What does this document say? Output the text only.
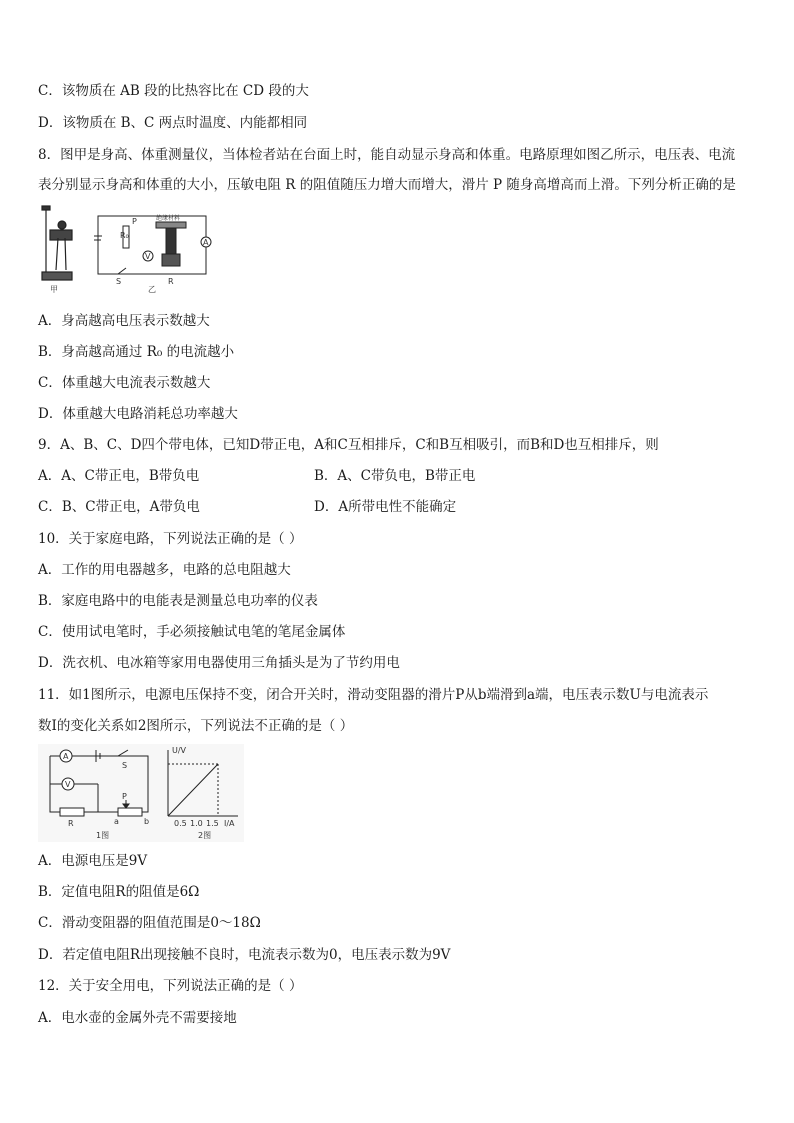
C．该物质在 AB 段的比热容比在 CD 段的大
D．该物质在 B、C 两点时温度、内能都相同
8．图甲是身高、体重测量仪，当体检者站在台面上时，能自动显示身高和体重。电路原理如图乙所示，电压表、电流
表分别显示身高和体重的大小，压敏电阻 R 的阻值随压力增大而增大，滑片 P 随身高增高而上滑。下列分析正确的是
甲
R₀
P
V
A
绝缘材料
S	R
乙
A．身高越高电压表示数越大
B．身高越高通过 R₀ 的电流越小
C．体重越大电流表示数越大
D．体重越大电路消耗总功率越大
9．A、B、C、D四个带电体，已知D带正电，A和C互相排斥，C和B互相吸引，而B和D也互相排斥，则
A．A、C带正电，B带负电	B．A、C带负电，B带正电
C．B、C带正电，A带负电	D．A所带电性不能确定
10．关于家庭电路，下列说法正确的是（ ）
A．工作的用电器越多，电路的总电阻越大
B．家庭电路中的电能表是测量总电功率的仪表
C．使用试电笔时，手必须接触试电笔的笔尾金属体
D．洗衣机、电冰箱等家用电器使用三角插头是为了节约用电
11．如1图所示，电源电压保持不变，闭合开关时，滑动变阻器的滑片P从b端滑到a端，电压表示数U与电流表示
数I的变化关系如2图所示，下列说法不正确的是（ ）
A
V
S
R
P
a	b
1图
U/V
I/A
0.5 1.0 1.5
2图
A．电源电压是9V
B．定值电阻R的阻值是6Ω
C．滑动变阻器的阻值范围是0～18Ω
D．若定值电阻R出现接触不良时，电流表示数为0，电压表示数为9V
12．关于安全用电，下列说法正确的是（ ）
A．电水壶的金属外壳不需要接地
